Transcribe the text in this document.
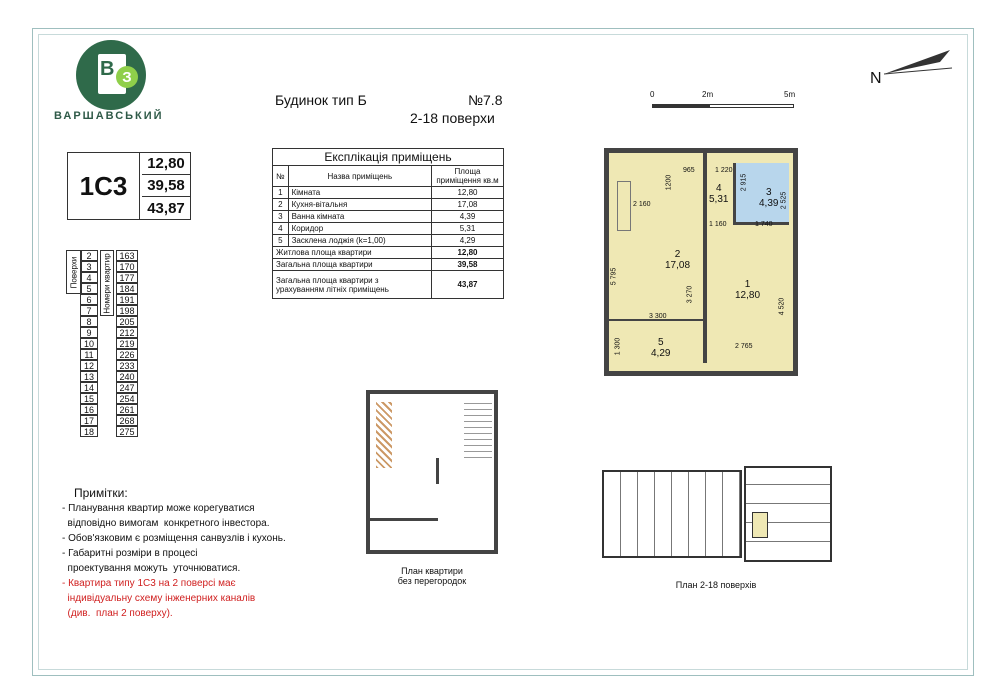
В З
ВАРШАВСЬКИЙ
Будинок тип Б	№7.8
2-18 поверхи
1С3
12,80
39,58
43,87
Поверхи	Номери квартир
2	163
3	170
4	177
5	184
6	191
7	198
8	205
9	212
10	219
11	226
12	233
13	240
14	247
15	254
16	261
17	268
18	275
Експлікація приміщень		
№	Назва приміщень	Площа приміщення кв.м
1	Кімната	12,80
2	Кухня-вітальня	17,08
3	Ванна кімната	4,39
4	Коридор	5,31
5	Засклена лоджія (k=1,00)	4,29
Житлова площа квартири		12,80
Загальна площа квартири		39,58
Загальна площа квартири з урахуванням літніх приміщень		43,87
Примітки:
- Планування квартир може корегуватися
відповідно вимогам  конкретного інвестора.
- Обов'язковим є розміщення санвузлів і кухонь.
- Габаритні розміри в процесі
проектування можуть  уточнюватися.
- Квартира типу 1С3 на 2 поверсі має
індивідуальну схему інженерних каналів
(див.  план 2 поверху).
0	2m	5m
N
4
5,31
3
4,39
2
17,08
1
12,80
5
4,29
965	1 220
1200	2 915
2 160
1 160	1 740
2 525
5 795
3 270
4 520
3 300
1 300	2 765
План квартири
без перегородок	План 2-18 поверхів
